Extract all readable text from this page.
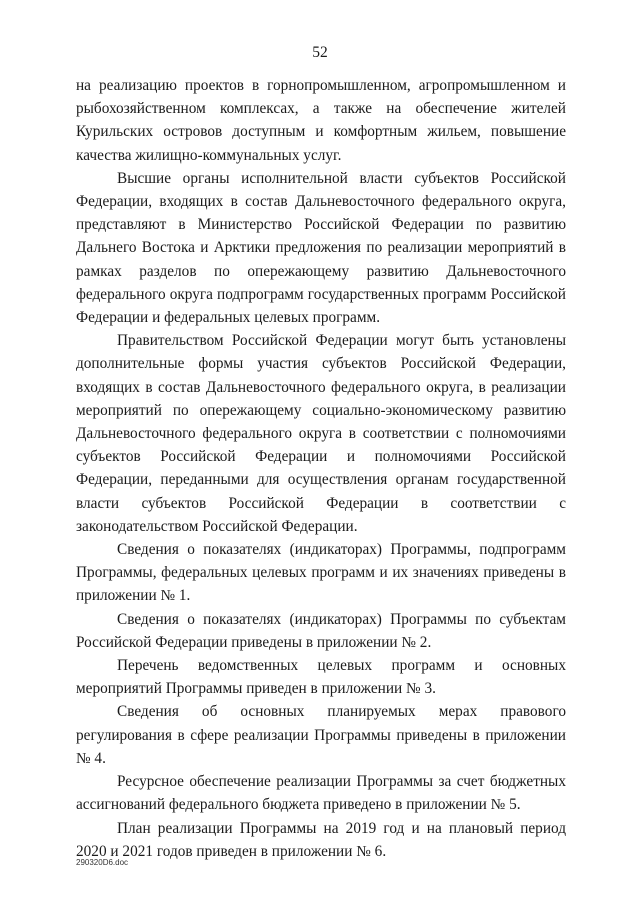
52

на реализацию проектов в горнопромышленном, агропромышленном и рыбохозяйственном комплексах, а также на обеспечение жителей Курильских островов доступным и комфортным жильем, повышение качества жилищно-коммунальных услуг.

Высшие органы исполнительной власти субъектов Российской Федерации, входящих в состав Дальневосточного федерального округа, представляют в Министерство Российской Федерации по развитию Дальнего Востока и Арктики предложения по реализации мероприятий в рамках разделов по опережающему развитию Дальневосточного федерального округа подпрограмм государственных программ Российской Федерации и федеральных целевых программ.

Правительством Российской Федерации могут быть установлены дополнительные формы участия субъектов Российской Федерации, входящих в состав Дальневосточного федерального округа, в реализации мероприятий по опережающему социально-экономическому развитию Дальневосточного федерального округа в соответствии с полномочиями субъектов Российской Федерации и полномочиями Российской Федерации, переданными для осуществления органам государственной власти субъектов Российской Федерации в соответствии с законодательством Российской Федерации.

Сведения о показателях (индикаторах) Программы, подпрограмм Программы, федеральных целевых программ и их значениях приведены в приложении № 1.

Сведения о показателях (индикаторах) Программы по субъектам Российской Федерации приведены в приложении № 2.

Перечень ведомственных целевых программ и основных мероприятий Программы приведен в приложении № 3.

Сведения об основных планируемых мерах правового регулирования в сфере реализации Программы приведены в приложении № 4.

Ресурсное обеспечение реализации Программы за счет бюджетных ассигнований федерального бюджета приведено в приложении № 5.

План реализации Программы на 2019 год и на плановый период 2020 и 2021 годов приведен в приложении № 6.

290320D6.doc
